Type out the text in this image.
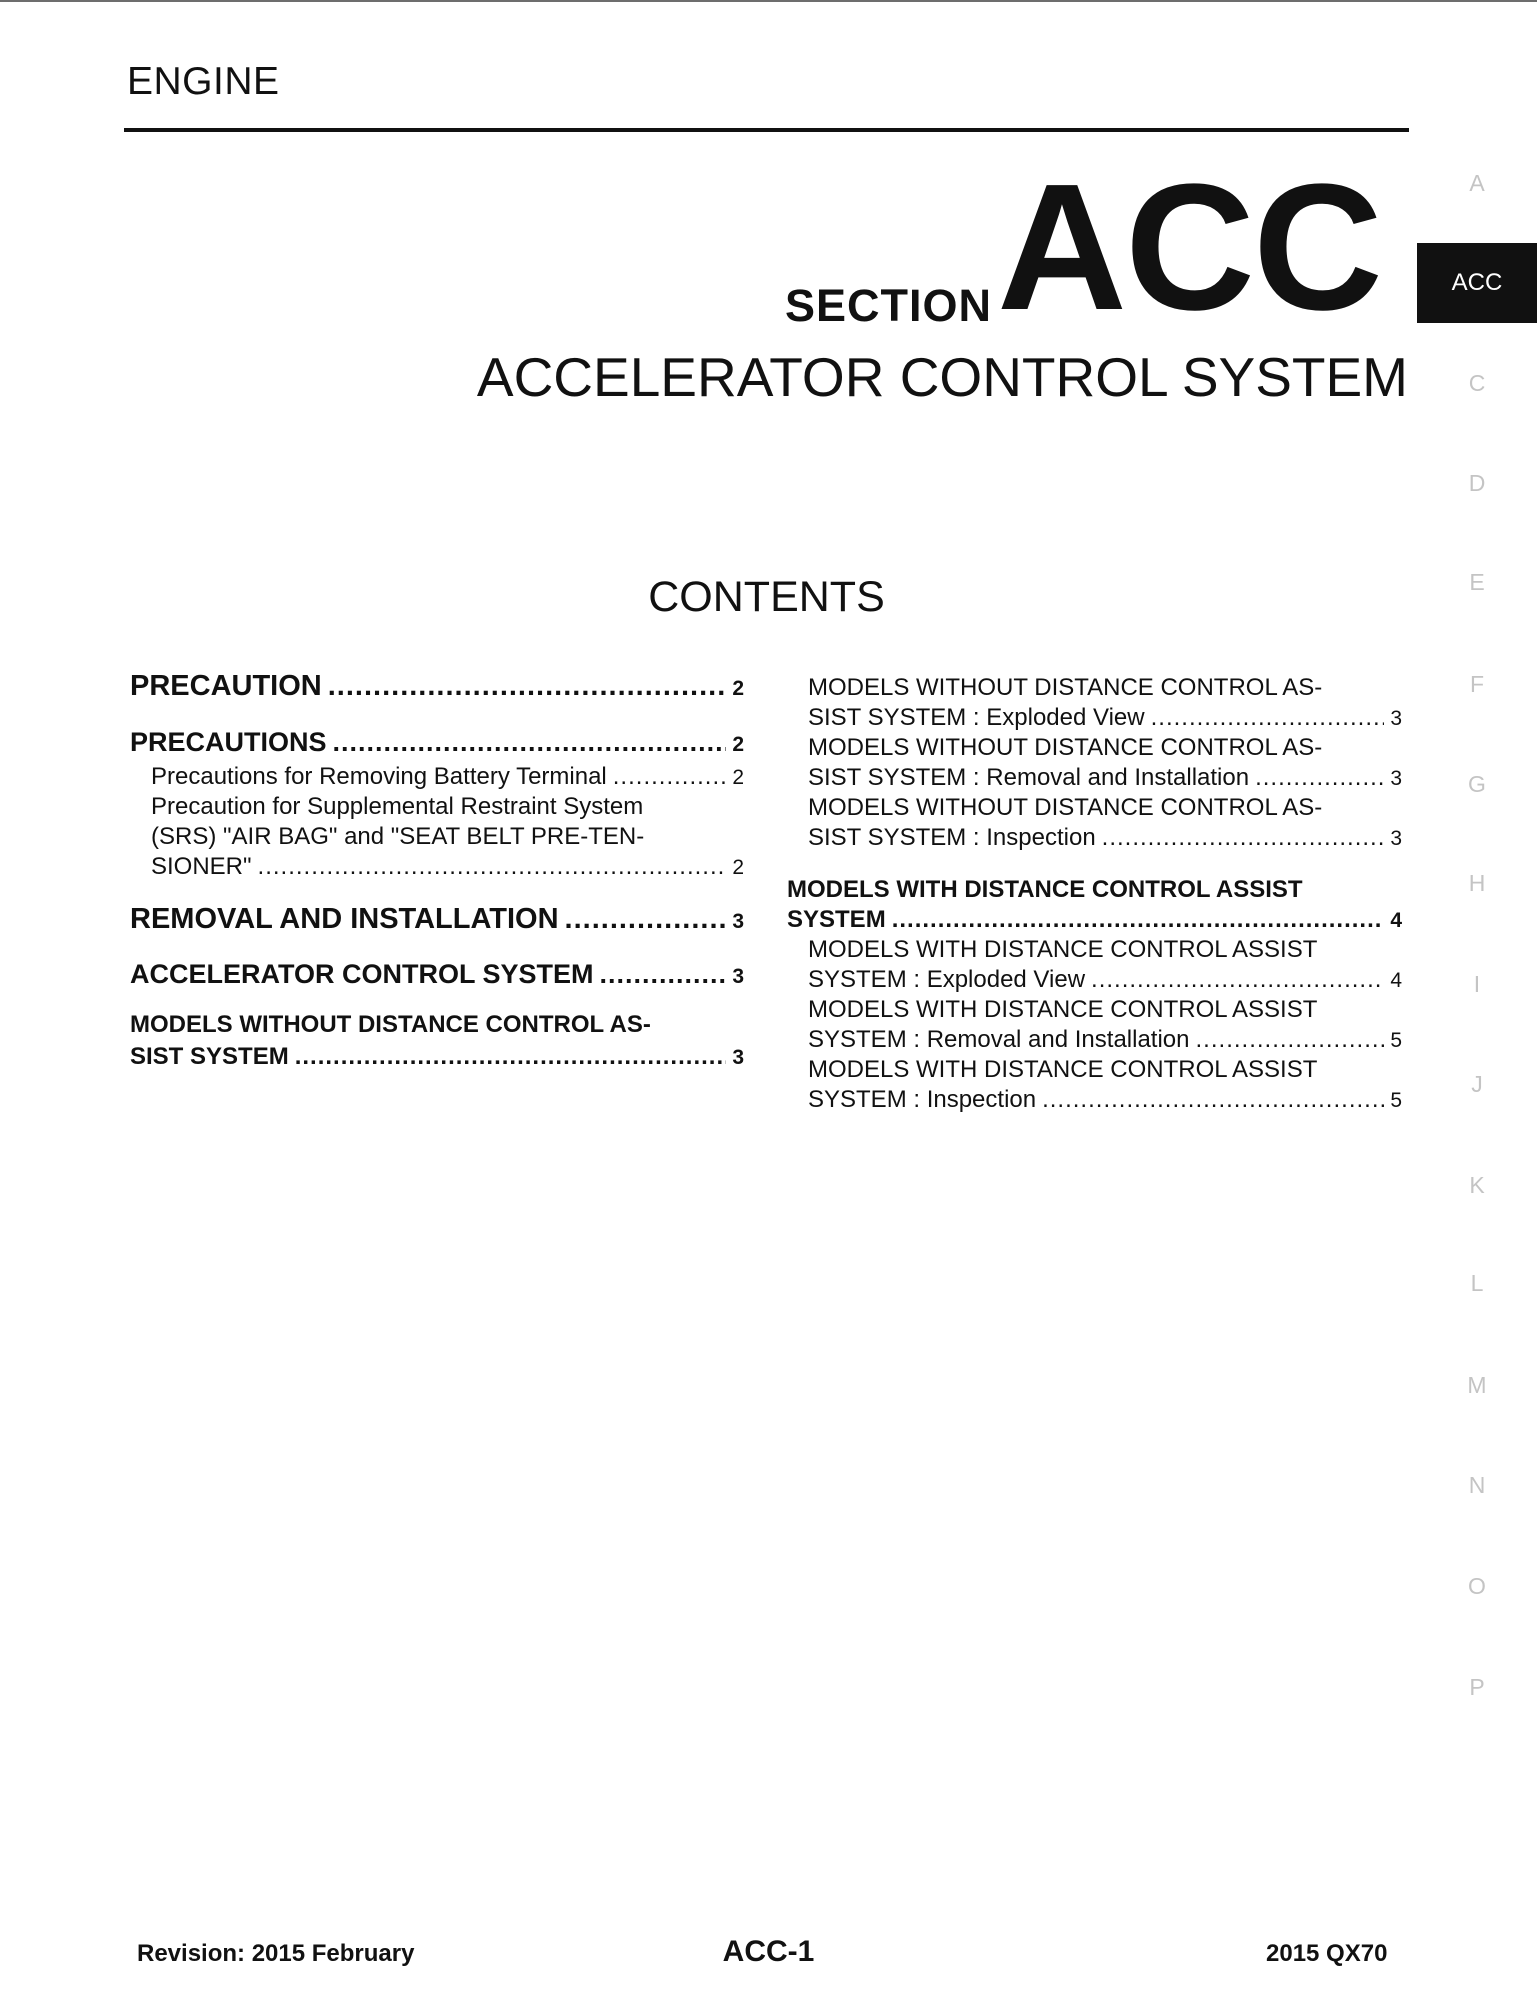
ENGINE
SECTION ACC
ACCELERATOR CONTROL SYSTEM
CONTENTS
A
ACC
C
D
E
F
G
H
I
J
K
L
M
N
O
P
PRECAUTION .....	2
PRECAUTIONS .....	2
Precautions for Removing Battery Terminal .....	2
Precaution for Supplemental Restraint System
(SRS) "AIR BAG" and "SEAT BELT PRE-TEN-
SIONER" .....	2
REMOVAL AND INSTALLATION .....	3
ACCELERATOR CONTROL SYSTEM .....	3
MODELS WITHOUT DISTANCE CONTROL AS-
SIST SYSTEM .....	3
MODELS WITHOUT DISTANCE CONTROL AS-
SIST SYSTEM : Exploded View .....	3
MODELS WITHOUT DISTANCE CONTROL AS-
SIST SYSTEM : Removal and Installation .....	3
MODELS WITHOUT DISTANCE CONTROL AS-
SIST SYSTEM : Inspection .....	3
MODELS WITH DISTANCE CONTROL ASSIST
SYSTEM .....	4
MODELS WITH DISTANCE CONTROL ASSIST
SYSTEM : Exploded View .....	4
MODELS WITH DISTANCE CONTROL ASSIST
SYSTEM : Removal and Installation .....	5
MODELS WITH DISTANCE CONTROL ASSIST
SYSTEM : Inspection .....	5
Revision: 2015 February	ACC-1	2015 QX70
